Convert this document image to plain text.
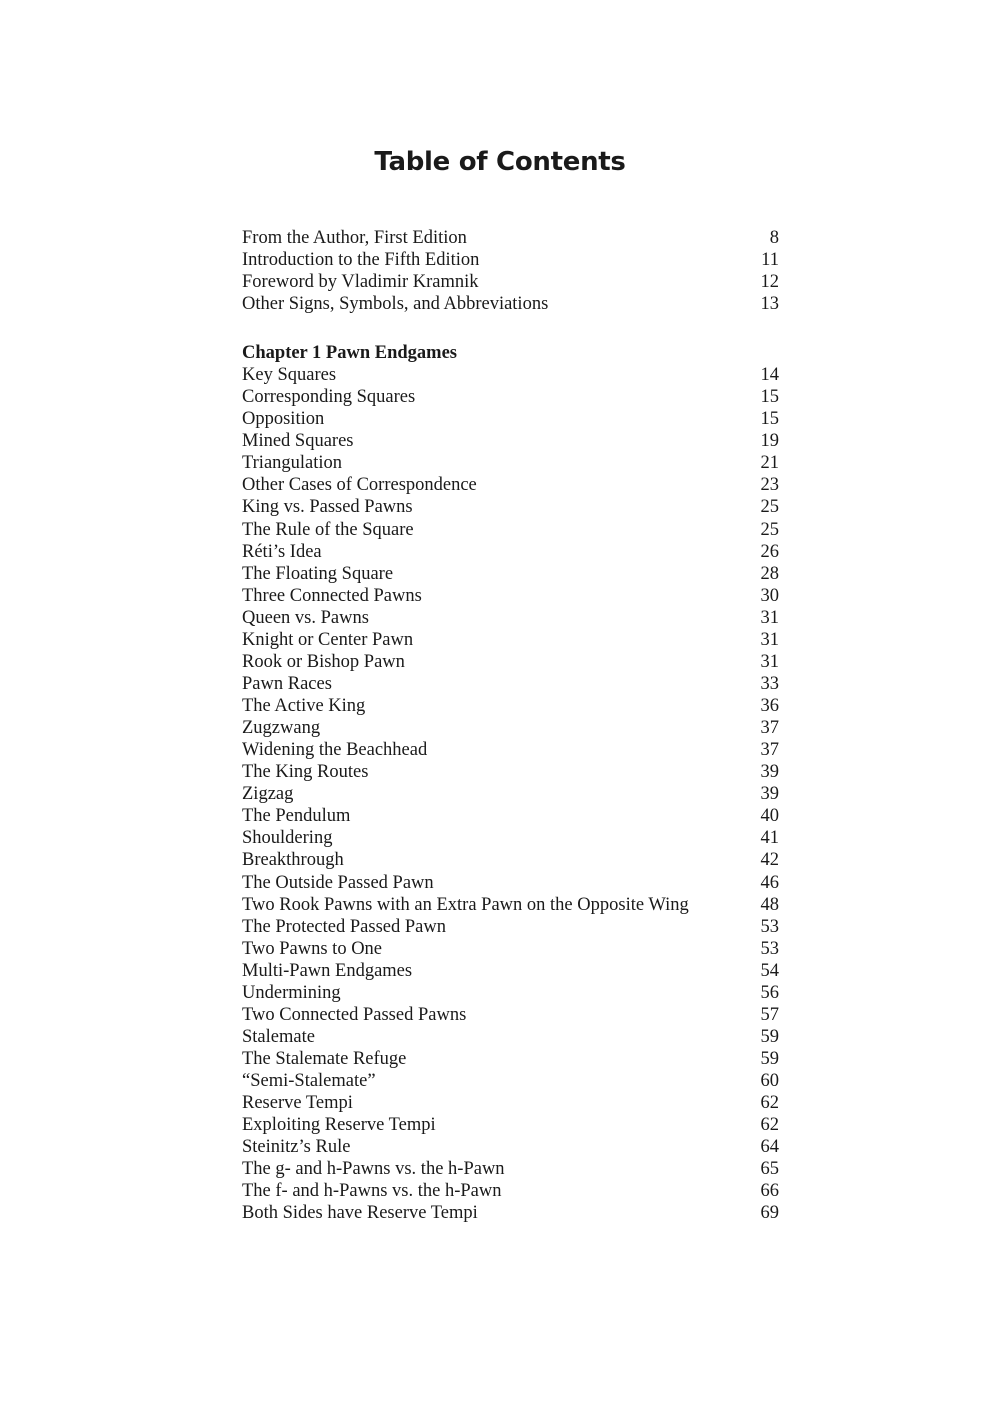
Table of Contents
From the Author, First Edition	8
Introduction to the Fifth Edition	11
Foreword by Vladimir Kramnik	12
Other Signs, Symbols, and Abbreviations	13
Chapter 1 Pawn Endgames
Key Squares	14
Corresponding Squares	15
Opposition	15
Mined Squares	19
Triangulation	21
Other Cases of Correspondence	23
King vs. Passed Pawns	25
The Rule of the Square	25
Réti’s Idea	26
The Floating Square	28
Three Connected Pawns	30
Queen vs. Pawns	31
Knight or Center Pawn	31
Rook or Bishop Pawn	31
Pawn Races	33
The Active King	36
Zugzwang	37
Widening the Beachhead	37
The King Routes	39
Zigzag	39
The Pendulum	40
Shouldering	41
Breakthrough	42
The Outside Passed Pawn	46
Two Rook Pawns with an Extra Pawn on the Opposite Wing	48
The Protected Passed Pawn	53
Two Pawns to One	53
Multi-Pawn Endgames	54
Undermining	56
Two Connected Passed Pawns	57
Stalemate	59
The Stalemate Refuge	59
“Semi-Stalemate”	60
Reserve Tempi	62
Exploiting Reserve Tempi	62
Steinitz’s Rule	64
The g- and h-Pawns vs. the h-Pawn	65
The f- and h-Pawns vs. the h-Pawn	66
Both Sides have Reserve Tempi	69
